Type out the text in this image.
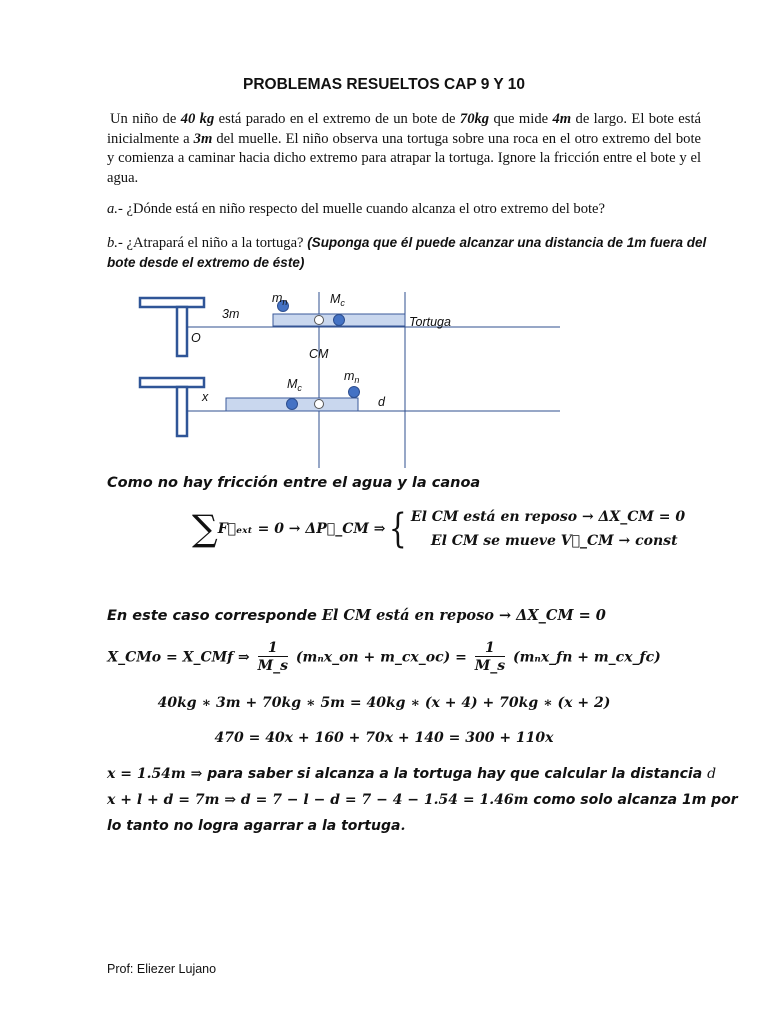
PROBLEMAS RESUELTOS CAP 9 Y 10
Un niño de 40 kg está parado en el extremo de un bote de 70kg que mide 4m de largo. El bote está inicialmente a 3m del muelle. El niño observa una tortuga sobre una roca en el otro extremo del bote y comienza a caminar hacia dicho extremo para atrapar la tortuga. Ignore la fricción entre el bote y el agua.
a.- ¿Dónde está en niño respecto del muelle cuando alcanza el otro extremo del bote?
b.- ¿Atrapará el niño a la tortuga? (Suponga que él puede alcanzar una distancia de 1m fuera del bote desde el extremo de éste)
3m
O
$m_n$	$M_c$
Tortuga
CM
$M_c$
$m_n$
x	d
Como no hay fricción entre el agua y la canoa
∑F⃗ₑₓₜ = 0 → ΔP⃗_CM ⇒{ El CM está en reposo → ΔX_CM = 0
El CM se mueve V⃗_CM → const
En este caso corresponde El CM está en reposo → ΔX_CM = 0
X_CMo = X_CMf ⇒ $\frac{1}{M\_s}$ (mₙx_on + m_cx_oc) = $\frac{1}{M\_s}$ (mₙx_fn + m_cx_fc)
40kg ∗ 3m + 70kg ∗ 5m = 40kg ∗ (x + 4) + 70kg ∗ (x + 2)
470 = 40x + 160 + 70x + 140 = 300 + 110x
x = 1.54m ⇒ para saber si alcanza a la tortuga hay que calcular la distancia d
x + l + d = 7m ⇒ d = 7 − l − d = 7 − 4 − 1.54 = 1.46m como solo alcanza 1m por
lo tanto no logra agarrar a la tortuga.
Prof: Eliezer Lujano
